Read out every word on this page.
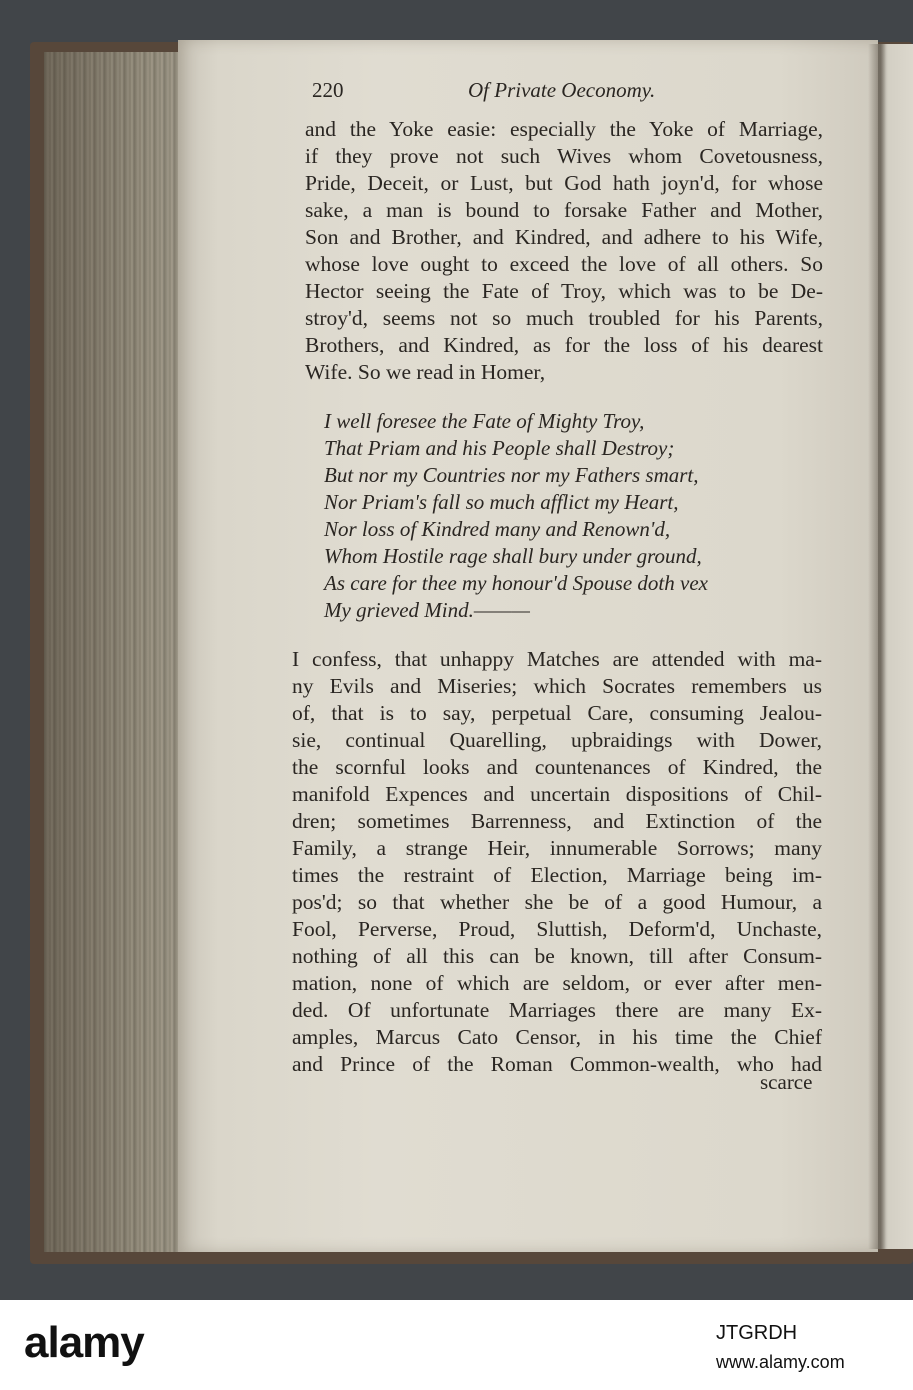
220	Of Private Oeconomy.
and the Yoke easie: especially the Yoke of Marriage,
if they prove not such Wives whom Covetousness,
Pride, Deceit, or Lust, but God hath joyn'd, for whose
sake, a man is bound to forsake Father and Mother,
Son and Brother, and Kindred, and adhere to his Wife,
whose love ought to exceed the love of all others. So
Hector seeing the Fate of Troy, which was to be De-
stroy'd, seems not so much troubled for his Parents,
Brothers, and Kindred, as for the loss of his dearest
Wife. So we read in Homer,
I well foresee the Fate of Mighty Troy,
That Priam and his People shall Destroy;
But nor my Countries nor my Fathers smart,
Nor Priam's fall so much afflict my Heart,
Nor loss of Kindred many and Renown'd,
Whom Hostile rage shall bury under ground,
As care for thee my honour'd Spouse doth vex
My grieved Mind.———
I confess, that unhappy Matches are attended with ma-
ny Evils and Miseries; which Socrates remembers us
of, that is to say, perpetual Care, consuming Jealou-
sie, continual Quarelling, upbraidings with Dower,
the scornful looks and countenances of Kindred, the
manifold Expences and uncertain dispositions of Chil-
dren; sometimes Barrenness, and Extinction of the
Family, a strange Heir, innumerable Sorrows; many
times the restraint of Election, Marriage being im-
pos'd; so that whether she be of a good Humour, a
Fool, Perverse, Proud, Sluttish, Deform'd, Unchaste,
nothing of all this can be known, till after Consum-
mation, none of which are seldom, or ever after men-
ded. Of unfortunate Marriages there are many Ex-
amples, Marcus Cato Censor, in his time the Chief
and Prince of the Roman Common-wealth, who had
scarce
alamy	JTGRDH
www.alamy.com
